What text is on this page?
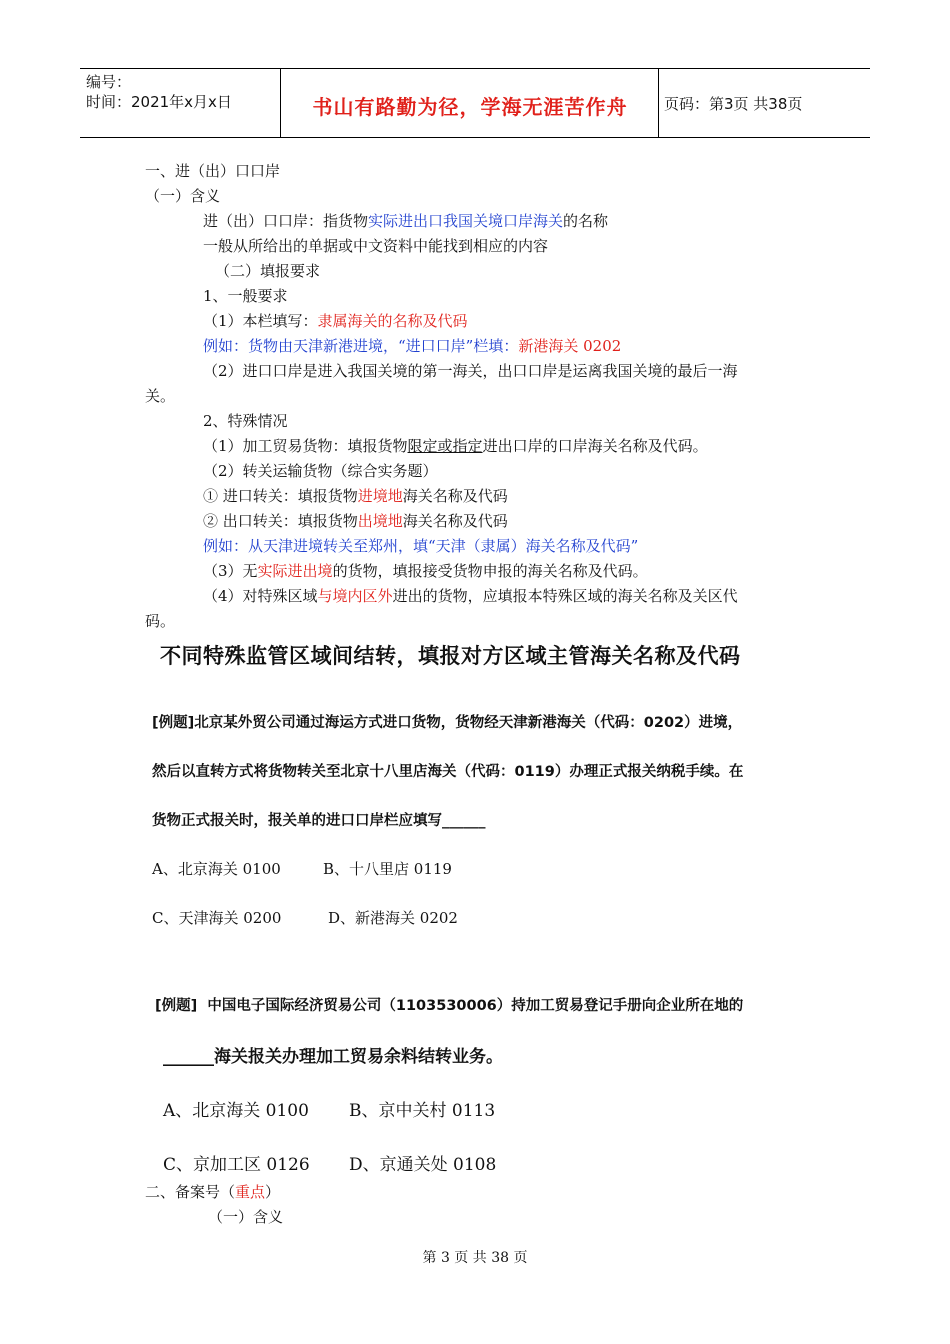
编号：
时间：2021年x月x日	书山有路勤为径，学海无涯苦作舟	页码：第3页 共38页
一、进（出）口口岸
（一）含义
进（出）口口岸：指货物实际进出口我国关境口岸海关的名称
一般从所给出的单据或中文资料中能找到相应的内容
（二）填报要求
1、一般要求
（1）本栏填写：隶属海关的名称及代码
例如：货物由天津新港进境，“进口口岸”栏填：新港海关 0202
（2）进口口岸是进入我国关境的第一海关，出口口岸是运离我国关境的最后一海
关。
2、特殊情况
（1）加工贸易货物：填报货物限定或指定进出口岸的口岸海关名称及代码。
（2）转关运输货物（综合实务题）
① 进口转关：填报货物进境地海关名称及代码
② 出口转关：填报货物出境地海关名称及代码
例如：从天津进境转关至郑州，填“天津（隶属）海关名称及代码”
（3）无实际进出境的货物，填报接受货物申报的海关名称及代码。
（4）对特殊区域与境内区外进出的货物，应填报本特殊区域的海关名称及关区代
码。
不同特殊监管区域间结转，填报对方区域主管海关名称及代码
[例题]北京某外贸公司通过海运方式进口货物，货物经天津新港海关（代码：0202）进境，
然后以直转方式将货物转关至北京十八里店海关（代码：0119）办理正式报关纳税手续。在
货物正式报关时，报关单的进口口岸栏应填写______
A、北京海关 0100	B、十八里店 0119
C、天津海关 0200	D、新港海关 0202
[例题] 中国电子国际经济贸易公司（1103530006）持加工贸易登记手册向企业所在地的
______海关报关办理加工贸易余料结转业务。
A、北京海关 0100 B、京中关村 0113
C、京加工区 0126 D、京通关处 0108
二、备案号（重点）
（一）含义
第 3 页 共 38 页
